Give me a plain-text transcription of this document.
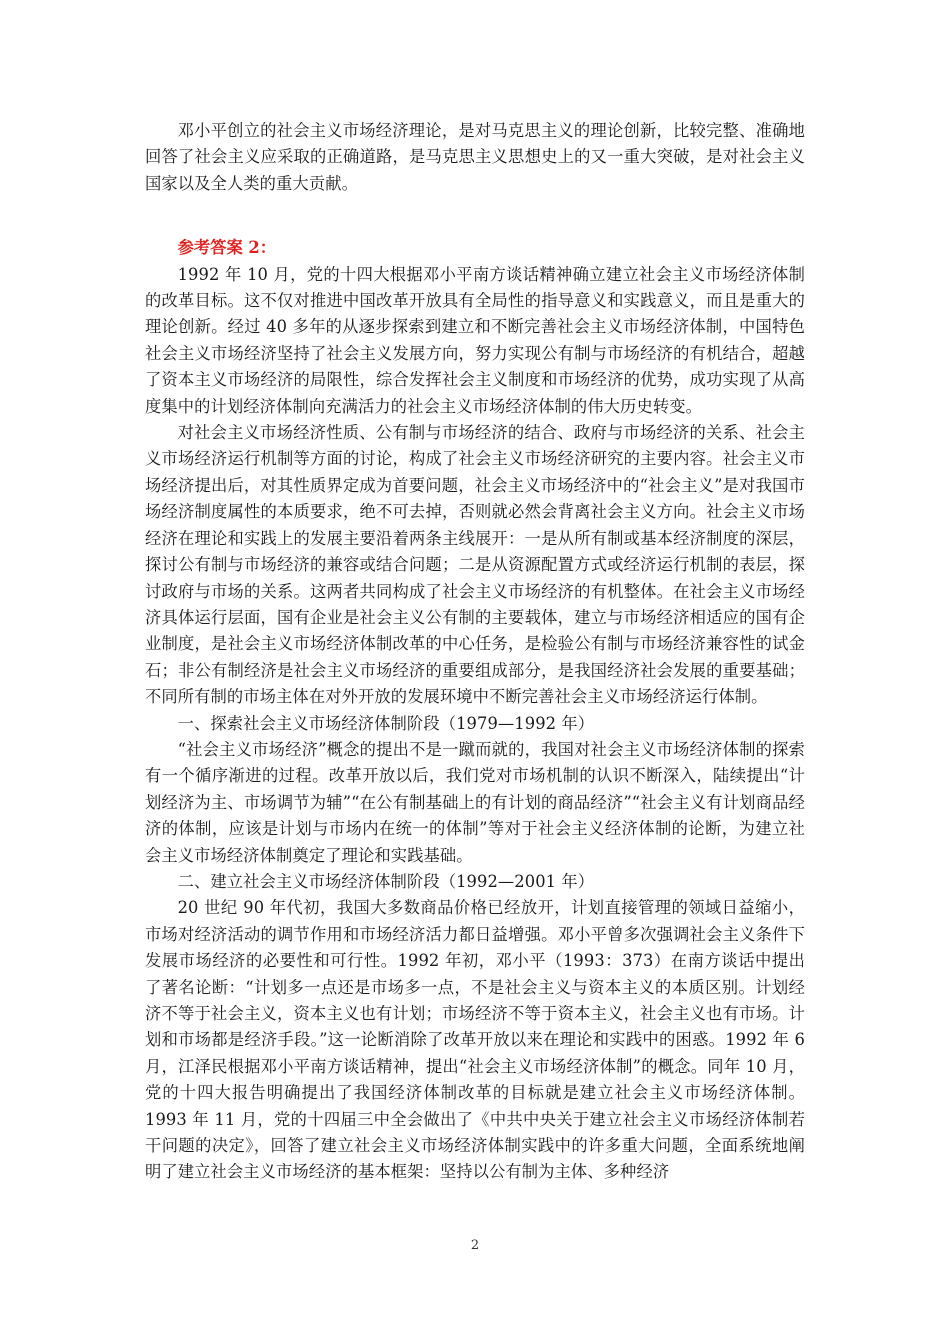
邓小平创立的社会主义市场经济理论，是对马克思主义的理论创新，比较完整、准确地回答了社会主义应采取的正确道路，是马克思主义思想史上的又一重大突破，是对社会主义国家以及全人类的重大贡献。

参考答案 2：

1992 年 10 月，党的十四大根据邓小平南方谈话精神确立建立社会主义市场经济体制的改革目标。这不仅对推进中国改革开放具有全局性的指导意义和实践意义，而且是重大的理论创新。经过 40 多年的从逐步探索到建立和不断完善社会主义市场经济体制，中国特色社会主义市场经济坚持了社会主义发展方向，努力实现公有制与市场经济的有机结合，超越了资本主义市场经济的局限性，综合发挥社会主义制度和市场经济的优势，成功实现了从高度集中的计划经济体制向充满活力的社会主义市场经济体制的伟大历史转变。

对社会主义市场经济性质、公有制与市场经济的结合、政府与市场经济的关系、社会主义市场经济运行机制等方面的讨论，构成了社会主义市场经济研究的主要内容。社会主义市场经济提出后，对其性质界定成为首要问题，社会主义市场经济中的“社会主义”是对我国市场经济制度属性的本质要求，绝不可去掉，否则就必然会背离社会主义方向。社会主义市场经济在理论和实践上的发展主要沿着两条主线展开：一是从所有制或基本经济制度的深层，探讨公有制与市场经济的兼容或结合问题；二是从资源配置方式或经济运行机制的表层，探讨政府与市场的关系。这两者共同构成了社会主义市场经济的有机整体。在社会主义市场经济具体运行层面，国有企业是社会主义公有制的主要载体，建立与市场经济相适应的国有企业制度，是社会主义市场经济体制改革的中心任务，是检验公有制与市场经济兼容性的试金石；非公有制经济是社会主义市场经济的重要组成部分，是我国经济社会发展的重要基础；不同所有制的市场主体在对外开放的发展环境中不断完善社会主义市场经济运行体制。

一、探索社会主义市场经济体制阶段（1979—1992 年）

“社会主义市场经济”概念的提出不是一蹴而就的，我国对社会主义市场经济体制的探索有一个循序渐进的过程。改革开放以后，我们党对市场机制的认识不断深入，陆续提出“计划经济为主、市场调节为辅”“在公有制基础上的有计划的商品经济”“社会主义有计划商品经济的体制，应该是计划与市场内在统一的体制”等对于社会主义经济体制的论断，为建立社会主义市场经济体制奠定了理论和实践基础。

二、建立社会主义市场经济体制阶段（1992—2001 年）

20 世纪 90 年代初，我国大多数商品价格已经放开，计划直接管理的领域日益缩小，市场对经济活动的调节作用和市场经济活力都日益增强。邓小平曾多次强调社会主义条件下发展市场经济的必要性和可行性。1992 年初，邓小平（1993：373）在南方谈话中提出了著名论断：“计划多一点还是市场多一点，不是社会主义与资本主义的本质区别。计划经济不等于社会主义，资本主义也有计划；市场经济不等于资本主义，社会主义也有市场。计划和市场都是经济手段。”这一论断消除了改革开放以来在理论和实践中的困惑。1992 年 6 月，江泽民根据邓小平南方谈话精神，提出“社会主义市场经济体制”的概念。同年 10 月，党的十四大报告明确提出了我国经济体制改革的目标就是建立社会主义市场经济体制。1993 年 11 月，党的十四届三中全会做出了《中共中央关于建立社会主义市场经济体制若干问题的决定》，回答了建立社会主义市场经济体制实践中的许多重大问题，全面系统地阐明了建立社会主义市场经济的基本框架：坚持以公有制为主体、多种经济

2
